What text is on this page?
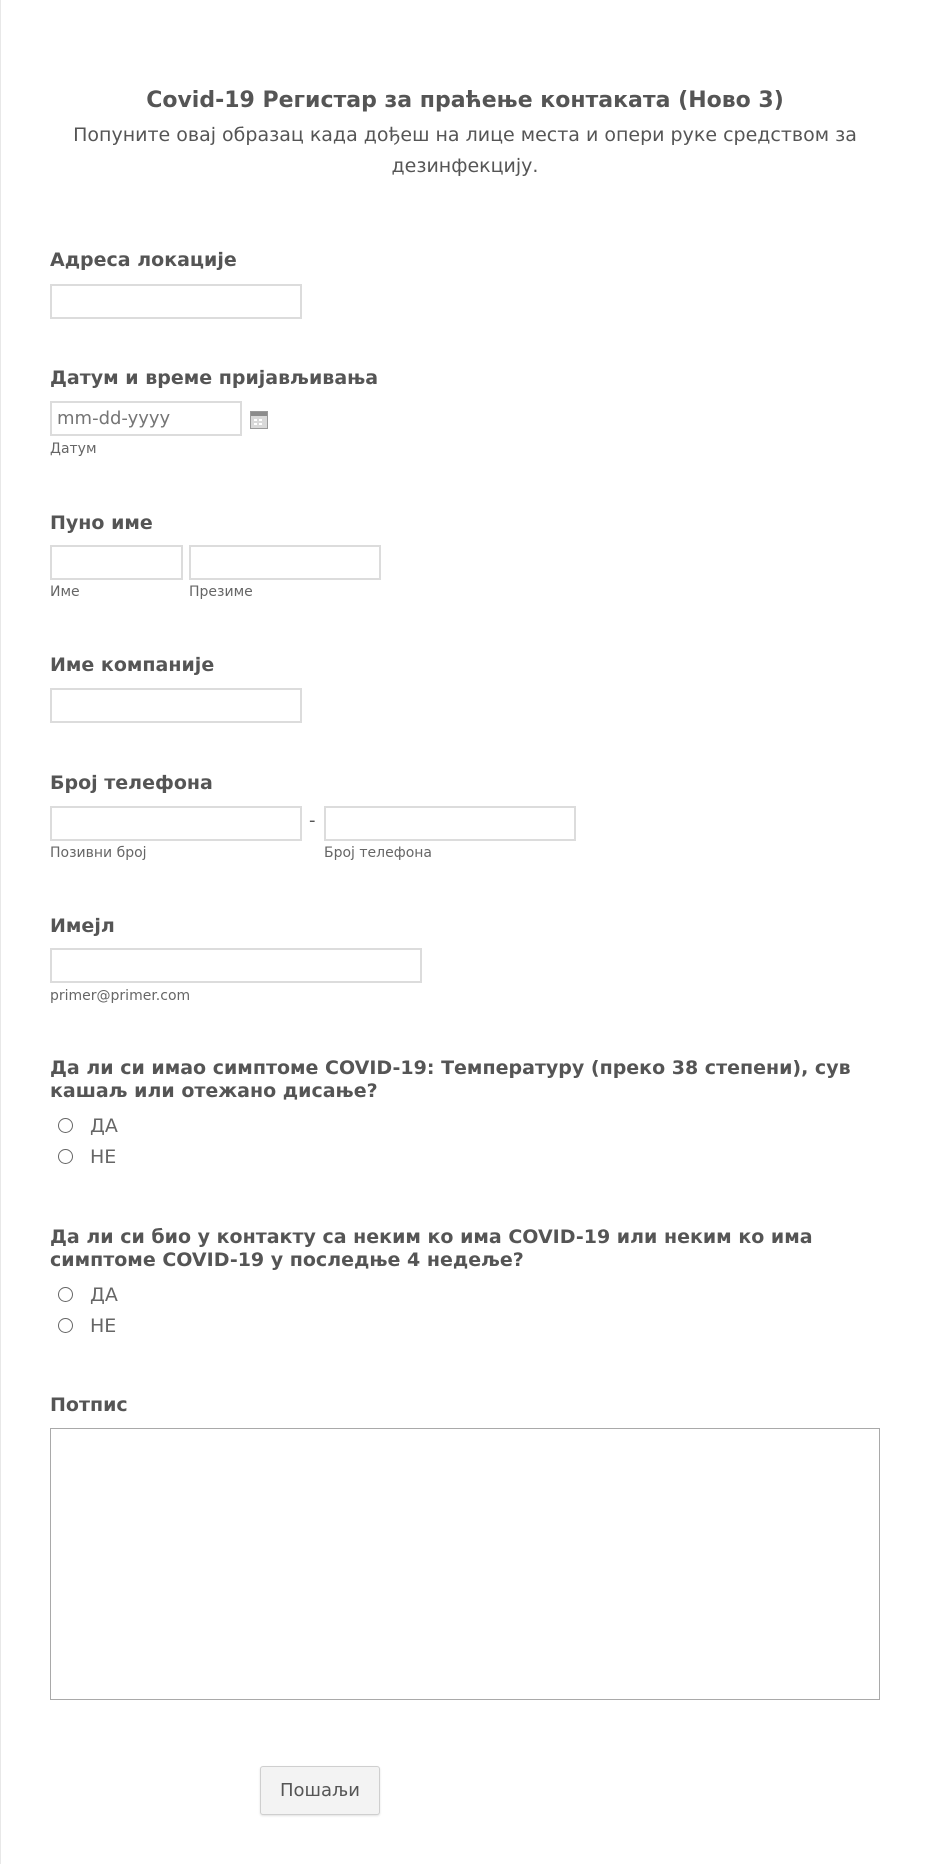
Covid-19 Регистар за праћење контаката (Ново 3)

Попуните овај образац када дођеш на лице места и опери руке средством за дезинфекцију.

Адреса локације
Датум и време пријављивања
mm-dd-yyyy
Датум
Пуно име
Име	Презиме
Име компаније
Број телефона
-
Позивни број	Број телефона
Имејл
primer@primer.com
Да ли си имао симптоме COVID-19: Температуру (преко 38 степени), сув кашаљ или отежано дисање?
ДА
НЕ
Да ли си био у контакту са неким ко има COVID-19 или неким ко има симптоме COVID-19 у последње 4 недеље?
ДА
НЕ
Потпис
Пошаљи
